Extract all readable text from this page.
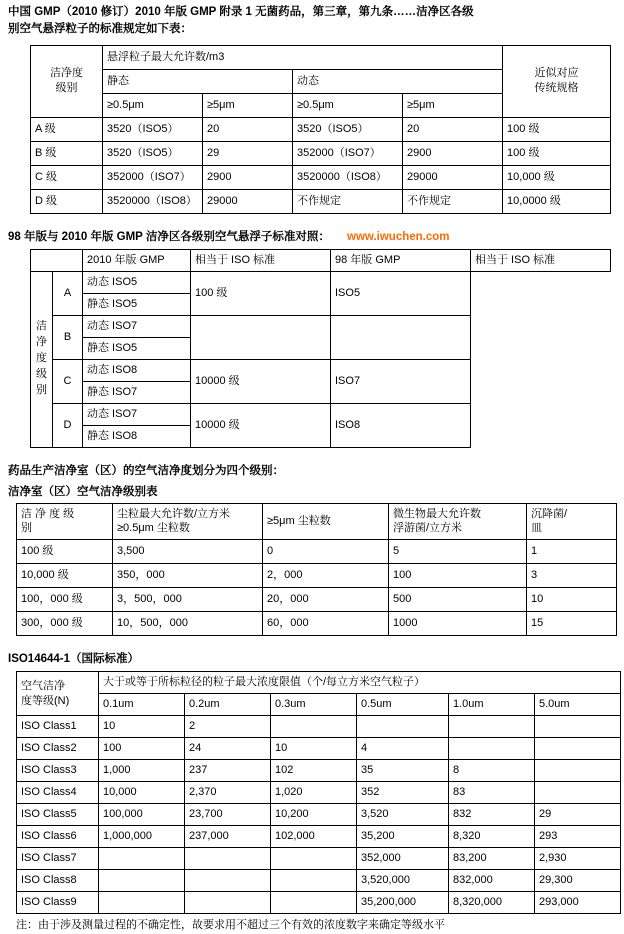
中国 GMP（2010 修订）2010 年版 GMP 附录 1 无菌药品，第三章，第九条……洁净区各级
别空气悬浮粒子的标准规定如下表：
洁净度
级别	悬浮粒子最大允许数/m3				近似对应
传统规格
	静态		动态		
	≥0.5μm	≥5μm	≥0.5μm	≥5μm	
A 级	3520（ISO5）	20	3520（ISO5）	20	100 级
B 级	3520（ISO5）	29	352000（ISO7）	2900	100 级
C 级	352000（ISO7）	2900	3520000（ISO8）	29000	10,000 级
D 级	3520000（ISO8）	29000	不作规定	不作规定	10,0000 级
98 年版与 2010 年版 GMP 洁净区各级别空气悬浮子标准对照： www.iwuchen.com
		2010 年版 GMP	相当于 ISO 标准	98 年版 GMP	相当于 ISO 标准
洁
净
度
级
别	A	动态 ISO5	100 级	ISO5	
		静态 ISO5			
	B	动态 ISO7			
		静态 ISO5			
	C	动态 ISO8	10000 级	ISO7	
		静态 ISO7			
	D	动态 ISO7	10000 级	ISO8	
		静态 ISO8			
药品生产洁净室（区）的空气洁净度划分为四个级别：
洁净室（区）空气洁净级别表
洁 净 度 级
别	尘粒最大允许数/立方米
≥0.5μm 尘粒数	≥5μm 尘粒数	微生物最大允许数
浮游菌/立方米	沉降菌/
皿
100 级	3,500	0	5	1
10,000 级	350，000	2，000	100	3
100，000 级	3，500，000	20，000	500	10
300，000 级	10，500，000	60，000	1000	15
ISO14644-1（国际标准）
空气洁净
度等级(N)	大于或等于所标粒径的粒子最大浓度限值（个/每立方米空气粒子）					
	0.1um	0.2um	0.3um	0.5um	1.0um	5.0um
ISO Class1	10	2				
ISO Class2	100	24	10	4		
ISO Class3	1,000	237	102	35	8	
ISO Class4	10,000	2,370	1,020	352	83	
ISO Class5	100,000	23,700	10,200	3,520	832	29
ISO Class6	1,000,000	237,000	102,000	35,200	8,320	293
ISO Class7				352,000	83,200	2,930
ISO Class8				3,520,000	832,000	29,300
ISO Class9				35,200,000	8,320,000	293,000
注：由于涉及测量过程的不确定性，故要求用不超过三个有效的浓度数字来确定等级水平
